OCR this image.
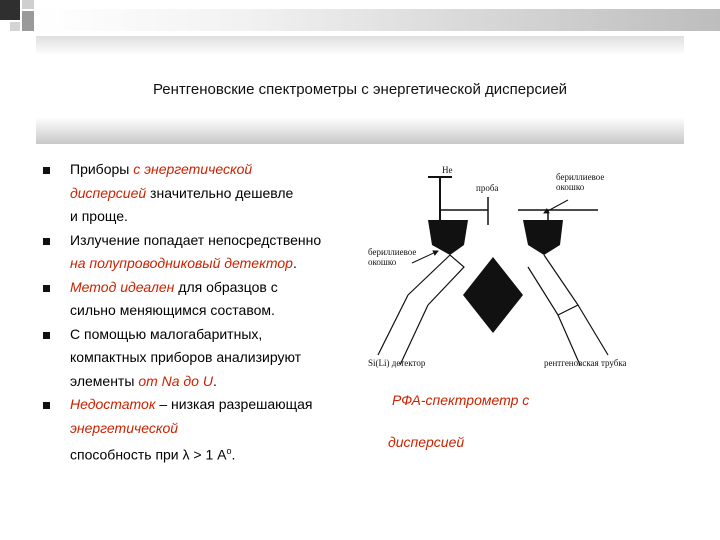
Рентгеновские спектрометры с энергетической дисперсией
Приборы с энергетической
дисперсией значительно дешевле
и проще.
Излучение попадает непосредственно
на полупроводниковый детектор.
Метод идеален для образцов с
сильно меняющимся составом.
С помощью малогабаритных,
компактных приборов анализируют
элементы от Na до U.
Недостаток – низкая разрешающая
энергетической
способность при λ > 1 $A^o$.
РФА-спектрометр с
дисперсией
He
проба
бериллиевое окошко
бериллиевое окошко
Si(Li) детектор	рентгеновская трубка
